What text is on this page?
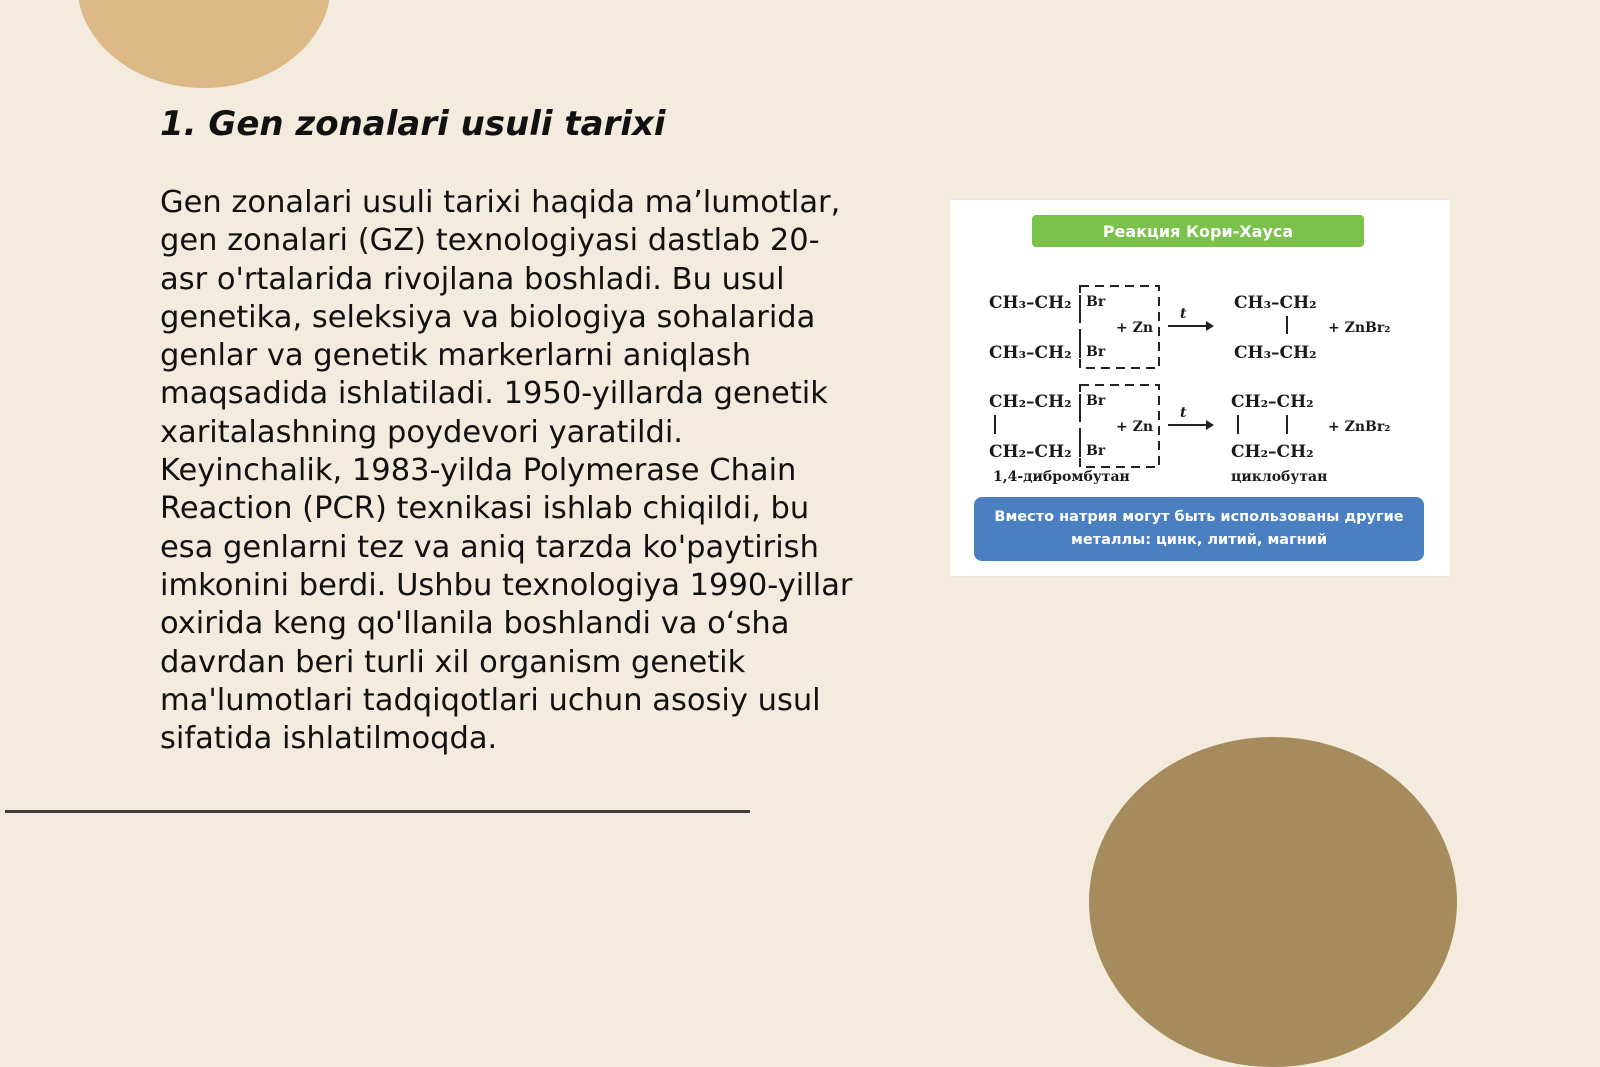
1. Gen zonalari usuli tarixi
Gen zonalari usuli tarixi haqida ma’lumotlar,
gen zonalari (GZ) texnologiyasi dastlab 20-
asr o'rtalarida rivojlana boshladi. Bu usul
genetika, seleksiya va biologiya sohalarida
genlar va genetik markerlarni aniqlash
maqsadida ishlatiladi. 1950-yillarda genetik
xaritalashning poydevori yaratildi.
Keyinchalik, 1983-yilda Polymerase Chain
Reaction (PCR) texnikasi ishlab chiqildi, bu
esa genlarni tez va aniq tarzda ko'paytirish
imkonini berdi. Ushbu texnologiya 1990-yillar
oxirida keng qo'llanila boshlandi va o‘sha
davrdan beri turli xil organism genetik
ma'lumotlari tadqiqotlari uchun asosiy usul
sifatida ishlatilmoqda.
CH₃–CH₂ Br
CH₃–CH₂ Br
+ Zn
t
CH₃–CH₂
CH₃–CH₂
+ ZnBr₂
CH₂–CH₂ Br
CH₂–CH₂ Br
+ Zn
t
CH₂–CH₂
CH₂–CH₂
+ ZnBr₂
1,4-дибромбутан	циклобутан
Реакция Кори-Хауса
Вместо натрия могут быть использованы другие металлы: цинк, литий, магний
